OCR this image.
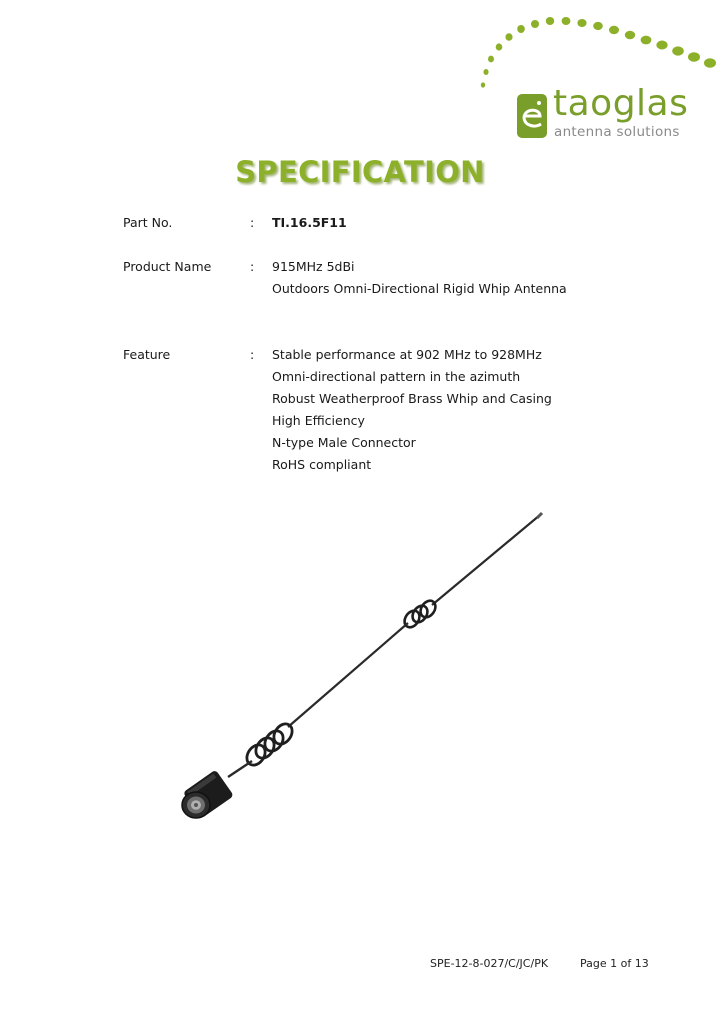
taoglas
antenna solutions
SPECIFICATION
Part No.	: TI.16.5F11
Product Name	: 915MHz 5dBi
Outdoors Omni-Directional Rigid Whip Antenna
Feature	: Stable performance at 902 MHz to 928MHz
Omni-directional pattern in the azimuth
Robust Weatherproof Brass Whip and Casing
High Efficiency
N-type Male Connector
RoHS compliant
SPE-12-8-027/C/JC/PK	Page 1 of 13
